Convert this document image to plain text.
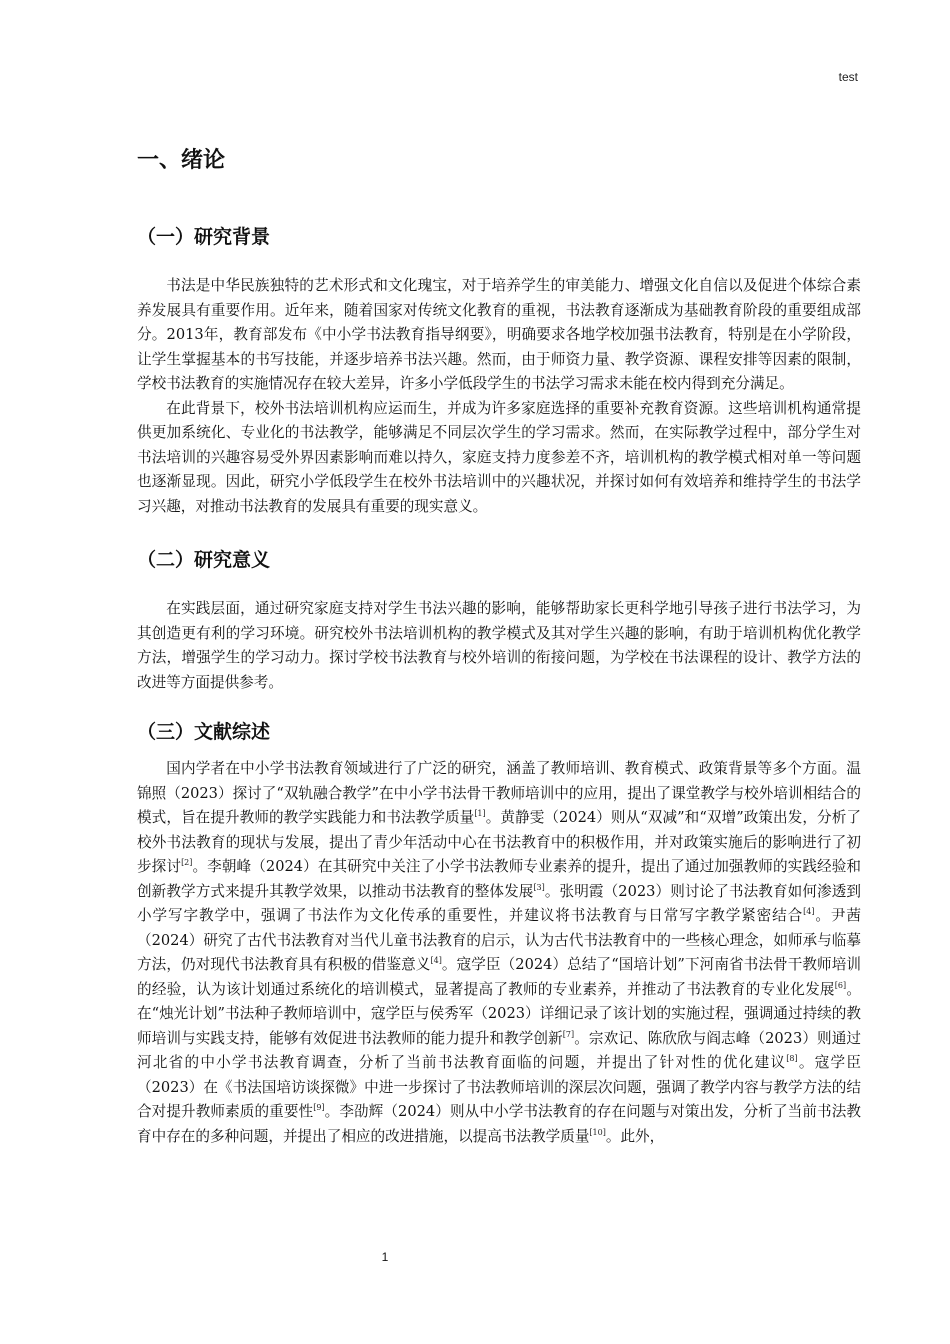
test
一、绪论
（一）研究背景

书法是中华民族独特的艺术形式和文化瑰宝，对于培养学生的审美能力、增强文化自信以及促进个体综合素养发展具有重要作用。近年来，随着国家对传统文化教育的重视，书法教育逐渐成为基础教育阶段的重要组成部分。2013年，教育部发布《中小学书法教育指导纲要》，明确要求各地学校加强书法教育，特别是在小学阶段，让学生掌握基本的书写技能，并逐步培养书法兴趣。然而，由于师资力量、教学资源、课程安排等因素的限制，学校书法教育的实施情况存在较大差异，许多小学低段学生的书法学习需求未能在校内得到充分满足。

在此背景下，校外书法培训机构应运而生，并成为许多家庭选择的重要补充教育资源。这些培训机构通常提供更加系统化、专业化的书法教学，能够满足不同层次学生的学习需求。然而，在实际教学过程中，部分学生对书法培训的兴趣容易受外界因素影响而难以持久，家庭支持力度参差不齐，培训机构的教学模式相对单一等问题也逐渐显现。因此，研究小学低段学生在校外书法培训中的兴趣状况，并探讨如何有效培养和维持学生的书法学习兴趣，对推动书法教育的发展具有重要的现实意义。

（二）研究意义

在实践层面，通过研究家庭支持对学生书法兴趣的影响，能够帮助家长更科学地引导孩子进行书法学习，为其创造更有利的学习环境。研究校外书法培训机构的教学模式及其对学生兴趣的影响，有助于培训机构优化教学方法，增强学生的学习动力。探讨学校书法教育与校外培训的衔接问题，为学校在书法课程的设计、教学方法的改进等方面提供参考。

（三）文献综述

国内学者在中小学书法教育领域进行了广泛的研究，涵盖了教师培训、教育模式、政策背景等多个方面。温锦照（2023）探讨了“双轨融合教学”在中小学书法骨干教师培训中的应用，提出了课堂教学与校外培训相结合的模式，旨在提升教师的教学实践能力和书法教学质量[1]。黄静雯（2024）则从“双减”和“双增”政策出发，分析了校外书法教育的现状与发展，提出了青少年活动中心在书法教育中的积极作用，并对政策实施后的影响进行了初步探讨[2]。李朝峰（2024）在其研究中关注了小学书法教师专业素养的提升，提出了通过加强教师的实践经验和创新教学方式来提升其教学效果，以推动书法教育的整体发展[3]。张明霞（2023）则讨论了书法教育如何渗透到小学写字教学中，强调了书法作为文化传承的重要性，并建议将书法教育与日常写字教学紧密结合[4]。尹茜（2024）研究了古代书法教育对当代儿童书法教育的启示，认为古代书法教育中的一些核心理念，如师承与临摹方法，仍对现代书法教育具有积极的借鉴意义[4]。寇学臣（2024）总结了“国培计划”下河南省书法骨干教师培训的经验，认为该计划通过系统化的培训模式，显著提高了教师的专业素养，并推动了书法教育的专业化发展[6]。在“烛光计划”书法种子教师培训中，寇学臣与侯秀军（2023）详细记录了该计划的实施过程，强调通过持续的教师培训与实践支持，能够有效促进书法教师的能力提升和教学创新[7]。宗欢记、陈欣欣与阎志峰（2023）则通过河北省的中小学书法教育调查，分析了当前书法教育面临的问题，并提出了针对性的优化建议[8]。寇学臣（2023）在《书法国培访谈探微》中进一步探讨了书法教师培训的深层次问题，强调了教学内容与教学方法的结合对提升教师素质的重要性[9]。李劭辉（2024）则从中小学书法教育的存在问题与对策出发，分析了当前书法教育中存在的多种问题，并提出了相应的改进措施，以提高书法教学质量[10]。此外，

1
